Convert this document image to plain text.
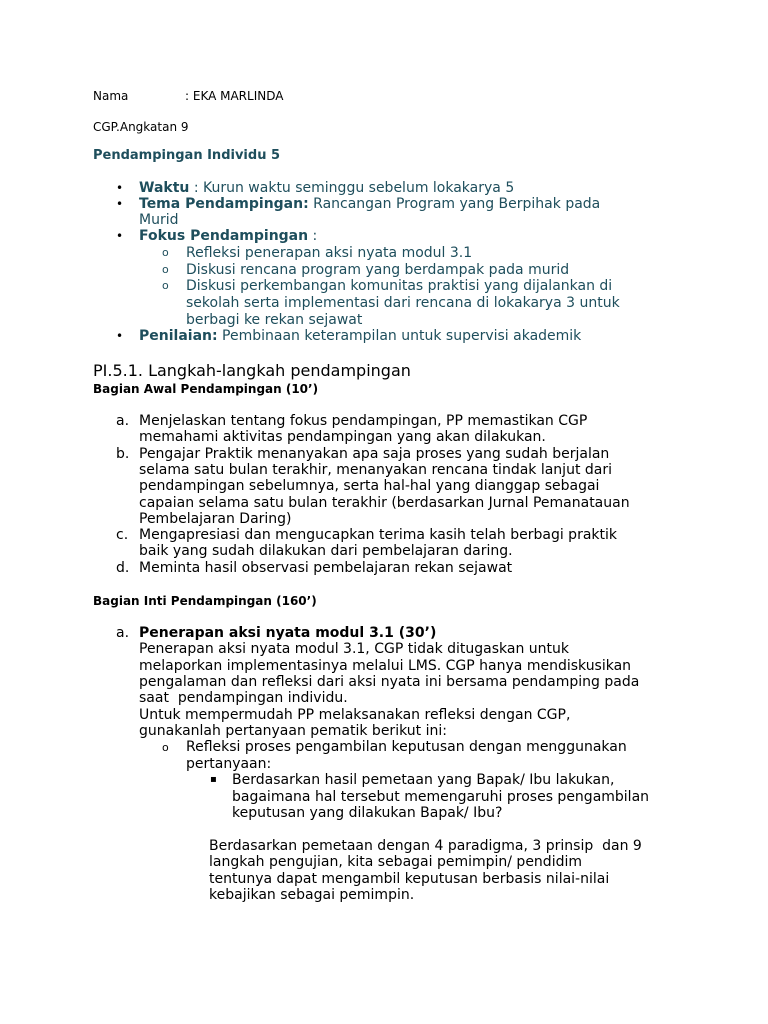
Nama	: EKA MARLINDA
CGP.Angkatan 9
Pendampingan Individu 5
• Waktu : Kurun waktu seminggu sebelum lokakarya 5
• Tema Pendampingan: Rancangan Program yang Berpihak pada
Murid
• Fokus Pendampingan :
o Refleksi penerapan aksi nyata modul 3.1
o Diskusi rencana program yang berdampak pada murid
o Diskusi perkembangan komunitas praktisi yang dijalankan di
sekolah serta implementasi dari rencana di lokakarya 3 untuk
berbagi ke rekan sejawat
• Penilaian: Pembinaan keterampilan untuk supervisi akademik
PI.5.1. Langkah-langkah pendampingan
Bagian Awal Pendampingan (10’)
a. Menjelaskan tentang fokus pendampingan, PP memastikan CGP
memahami aktivitas pendampingan yang akan dilakukan.
b. Pengajar Praktik menanyakan apa saja proses yang sudah berjalan
selama satu bulan terakhir, menanyakan rencana tindak lanjut dari
pendampingan sebelumnya, serta hal-hal yang dianggap sebagai
capaian selama satu bulan terakhir (berdasarkan Jurnal Pemanatauan
Pembelajaran Daring)
c. Mengapresiasi dan mengucapkan terima kasih telah berbagi praktik
baik yang sudah dilakukan dari pembelajaran daring.
d. Meminta hasil observasi pembelajaran rekan sejawat
Bagian Inti Pendampingan (160’)
a. Penerapan aksi nyata modul 3.1 (30’)
Penerapan aksi nyata modul 3.1, CGP tidak ditugaskan untuk
melaporkan implementasinya melalui LMS. CGP hanya mendiskusikan
pengalaman dan refleksi dari aksi nyata ini bersama pendamping pada
saat  pendampingan individu.
Untuk mempermudah PP melaksanakan refleksi dengan CGP,
gunakanlah pertanyaan pematik berikut ini:
o Refleksi proses pengambilan keputusan dengan menggunakan
pertanyaan:
▪ Berdasarkan hasil pemetaan yang Bapak/ Ibu lakukan,
bagaimana hal tersebut memengaruhi proses pengambilan
keputusan yang dilakukan Bapak/ Ibu?
Berdasarkan pemetaan dengan 4 paradigma, 3 prinsip  dan 9
langkah pengujian, kita sebagai pemimpin/ pendidim
tentunya dapat mengambil keputusan berbasis nilai-nilai
kebajikan sebagai pemimpin.
